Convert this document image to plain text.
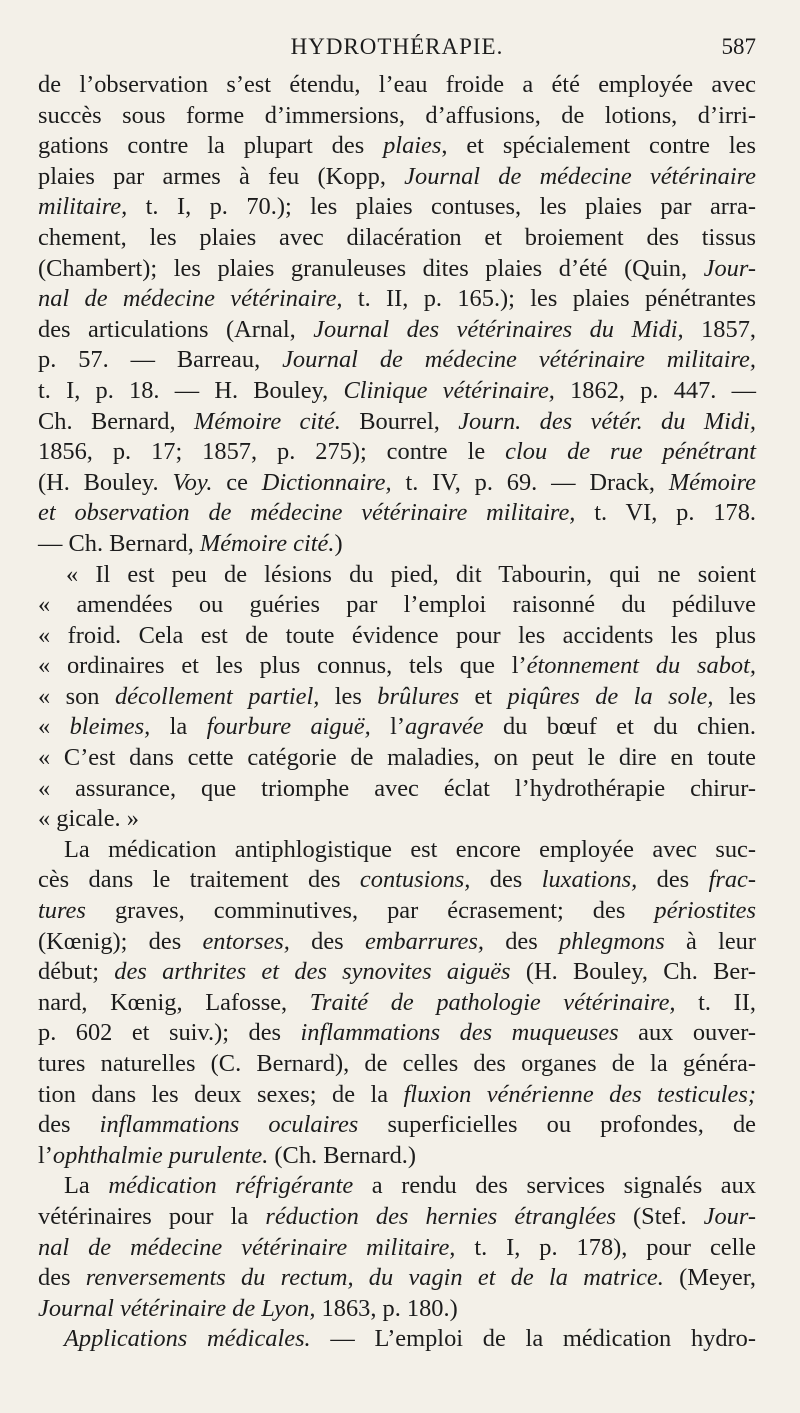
HYDROTHÉRAPIE.	587
de l’observation s’est étendu, l’eau froide a été employée avec
succès sous forme d’immersions, d’affusions, de lotions, d’irri-
gations contre la plupart des plaies, et spécialement contre les
plaies par armes à feu (Kopp, Journal de médecine vétérinaire
militaire, t. I, p. 70.); les plaies contuses, les plaies par arra-
chement, les plaies avec dilacération et broiement des tissus
(Chambert); les plaies granuleuses dites plaies d’été (Quin, Jour-
nal de médecine vétérinaire, t. II, p. 165.); les plaies pénétrantes
des articulations (Arnal, Journal des vétérinaires du Midi, 1857,
p. 57. — Barreau, Journal de médecine vétérinaire militaire,
t. I, p. 18. — H. Bouley, Clinique vétérinaire, 1862, p. 447. —
Ch. Bernard, Mémoire cité. Bourrel, Journ. des vétér. du Midi,
1856, p. 17; 1857, p. 275); contre le clou de rue pénétrant
(H. Bouley. Voy. ce Dictionnaire, t. IV, p. 69. — Drack, Mémoire
et observation de médecine vétérinaire militaire, t. VI, p. 178.
— Ch. Bernard, Mémoire cité.)
« Il est peu de lésions du pied, dit Tabourin, qui ne soient
« amendées ou guéries par l’emploi raisonné du pédiluve
« froid. Cela est de toute évidence pour les accidents les plus
« ordinaires et les plus connus, tels que l’étonnement du sabot,
« son décollement partiel, les brûlures et piqûres de la sole, les
« bleimes, la fourbure aiguë, l’agravée du bœuf et du chien.
« C’est dans cette catégorie de maladies, on peut le dire en toute
« assurance, que triomphe avec éclat l’hydrothérapie chirur-
« gicale. »
La médication antiphlogistique est encore employée avec suc-
cès dans le traitement des contusions, des luxations, des frac-
tures graves, comminutives, par écrasement; des périostites
(Kœnig); des entorses, des embarrures, des phlegmons à leur
début; des arthrites et des synovites aiguës (H. Bouley, Ch. Ber-
nard, Kœnig, Lafosse, Traité de pathologie vétérinaire, t. II,
p. 602 et suiv.); des inflammations des muqueuses aux ouver-
tures naturelles (C. Bernard), de celles des organes de la généra-
tion dans les deux sexes; de la fluxion vénérienne des testicules;
des inflammations oculaires superficielles ou profondes, de
l’ophthalmie purulente. (Ch. Bernard.)
La médication réfrigérante a rendu des services signalés aux
vétérinaires pour la réduction des hernies étranglées (Stef. Jour-
nal de médecine vétérinaire militaire, t. I, p. 178), pour celle
des renversements du rectum, du vagin et de la matrice. (Meyer,
Journal vétérinaire de Lyon, 1863, p. 180.)
Applications médicales. — L’emploi de la médication hydro-
